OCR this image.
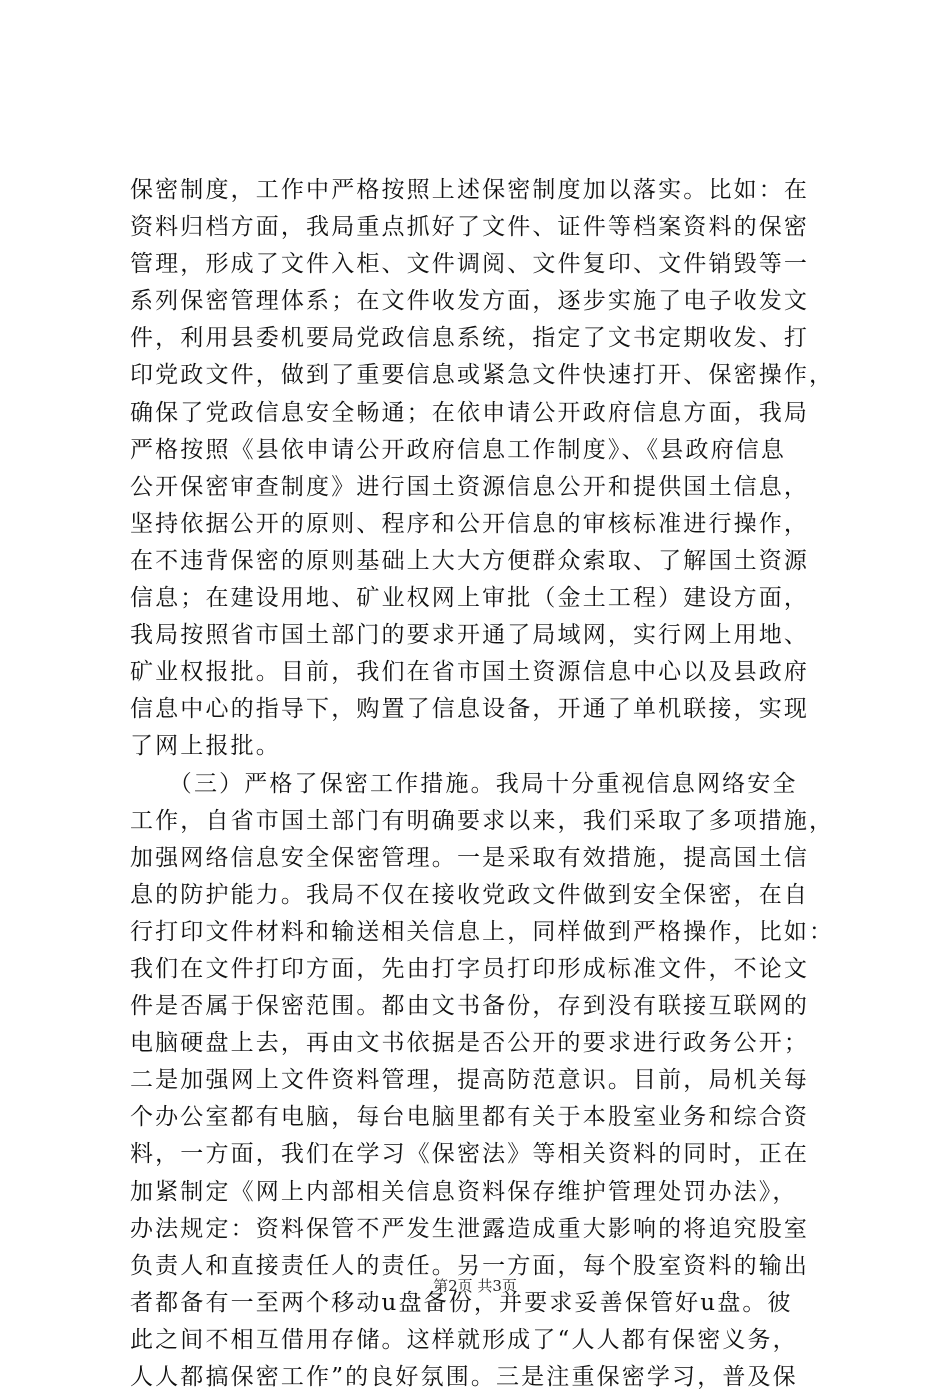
保密制度，工作中严格按照上述保密制度加以落实。比如：在
资料归档方面，我局重点抓好了文件、证件等档案资料的保密
管理，形成了文件入柜、文件调阅、文件复印、文件销毁等一
系列保密管理体系；在文件收发方面，逐步实施了电子收发文
件，利用县委机要局党政信息系统，指定了文书定期收发、打
印党政文件，做到了重要信息或紧急文件快速打开、保密操作，
确保了党政信息安全畅通；在依申请公开政府信息方面，我局
严格按照《县依申请公开政府信息工作制度》、《县政府信息
公开保密审查制度》进行国土资源信息公开和提供国土信息，
坚持依据公开的原则、程序和公开信息的审核标准进行操作，
在不违背保密的原则基础上大大方便群众索取、了解国土资源
信息；在建设用地、矿业权网上审批（金土工程）建设方面，
我局按照省市国土部门的要求开通了局域网，实行网上用地、
矿业权报批。目前，我们在省市国土资源信息中心以及县政府
信息中心的指导下，购置了信息设备，开通了单机联接，实现
了网上报批。
　　（三）严格了保密工作措施。我局十分重视信息网络安全
工作，自省市国土部门有明确要求以来，我们采取了多项措施，
加强网络信息安全保密管理。一是采取有效措施，提高国土信
息的防护能力。我局不仅在接收党政文件做到安全保密，在自
行打印文件材料和输送相关信息上，同样做到严格操作，比如：
我们在文件打印方面，先由打字员打印形成标准文件，不论文
件是否属于保密范围。都由文书备份，存到没有联接互联网的
电脑硬盘上去，再由文书依据是否公开的要求进行政务公开；
二是加强网上文件资料管理，提高防范意识。目前，局机关每
个办公室都有电脑，每台电脑里都有关于本股室业务和综合资
料，一方面，我们在学习《保密法》等相关资料的同时，正在
加紧制定《网上内部相关信息资料保存维护管理处罚办法》，
办法规定：资料保管不严发生泄露造成重大影响的将追究股室
负责人和直接责任人的责任。另一方面，每个股室资料的输出
者都备有一至两个移动u盘备份，并要求妥善保管好u盘。彼
此之间不相互借用存储。这样就形成了“人人都有保密义务，
人人都搞保密工作”的良好氛围。三是注重保密学习，普及保
第2页 共3页
